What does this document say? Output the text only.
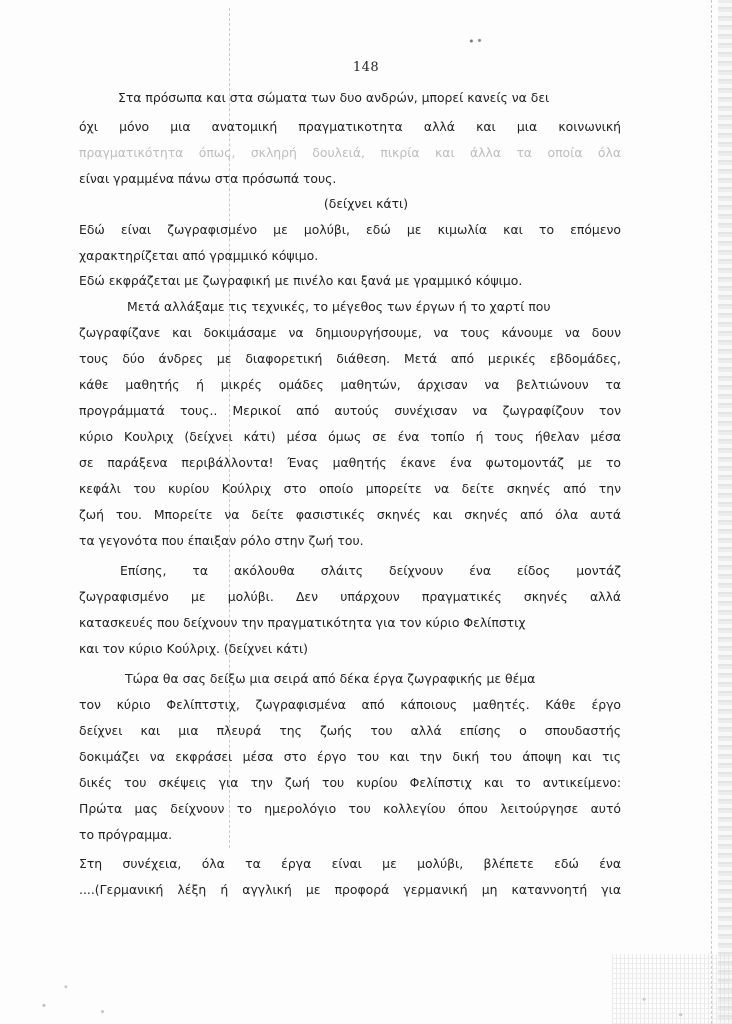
148
Στα πρόσωπα και στα σώματα των δυο ανδρών, μπορεί κανείς να δει
όχι μόνο μια ανατομική πραγματικοτητα αλλά και μια κοινωνική
πραγματικότητα όπως, σκληρή δουλειά, πικρία και άλλα τα οποία όλα
είναι γραμμένα πάνω στα πρόσωπά τους.
(δείχνει κάτι)
Εδώ είναι ζωγραφισμένο με μολύβι, εδώ με κιμωλία και το επόμενο
χαρακτηρίζεται από γραμμικό κόψιμο.
Εδώ εκφράζεται με ζωγραφική με πινέλο και ξανά με γραμμικό κόψιμο.
Μετά αλλάξαμε τις τεχνικές, το μέγεθος των έργων ή το χαρτί που
ζωγραφίζανε και δοκιμάσαμε να δημιουργήσουμε, να τους κάνουμε να δουν
τους δύο άνδρες με διαφορετική διάθεση. Μετά από μερικές εβδομάδες,
κάθε μαθητής ή μικρές ομάδες μαθητών, άρχισαν να βελτιώνουν τα
προγράμματά τους.. Μερικοί από αυτούς συνέχισαν να ζωγραφίζουν τον
κύριο Κουλριχ (δείχνει κάτι) μέσα όμως σε ένα τοπίο ή τους ήθελαν μέσα
σε παράξενα περιβάλλοντα! Ένας μαθητής έκανε ένα φωτομοντάζ με το
κεφάλι του κυρίου Κούλριχ στο οποίο μπορείτε να δείτε σκηνές από την
ζωή του. Μπορείτε να δείτε φασιστικές σκηνές και σκηνές από όλα αυτά
τα γεγονότα που έπαιξαν ρόλο στην ζωή του.
Επίσης, τα ακόλουθα σλάιτς δείχνουν ένα είδος μοντάζ
ζωγραφισμένο με μολύβι. Δεν υπάρχουν πραγματικές σκηνές αλλά
κατασκευές που δείχνουν την πραγματικότητα για τον κύριο Φελίπστιχ
και τον κύριο Κούλριχ. (δείχνει κάτι)
Τώρα θα σας δείξω μια σειρά από δέκα έργα ζωγραφικής με θέμα
τον κύριο Φελίπτστιχ, ζωγραφισμένα από κάποιους μαθητές. Κάθε έργο
δείχνει και μια πλευρά της ζωής του αλλά επίσης ο σπουδαστής
δοκιμάζει να εκφράσει μέσα στο έργο του και την δική του άποψη και τις
δικές του σκέψεις για την ζωή του κυρίου Φελίπστιχ και το αντικείμενο:
Πρώτα μας δείχνουν το ημερολόγιο του κολλεγίου όπου λειτούργησε αυτό
το πρόγραμμα.
Στη συνέχεια, όλα τα έργα είναι με μολύβι, βλέπετε εδώ ένα
....(Γερμανική λέξη ή αγγλική με προφορά γερμανική μη καταννοητή για
